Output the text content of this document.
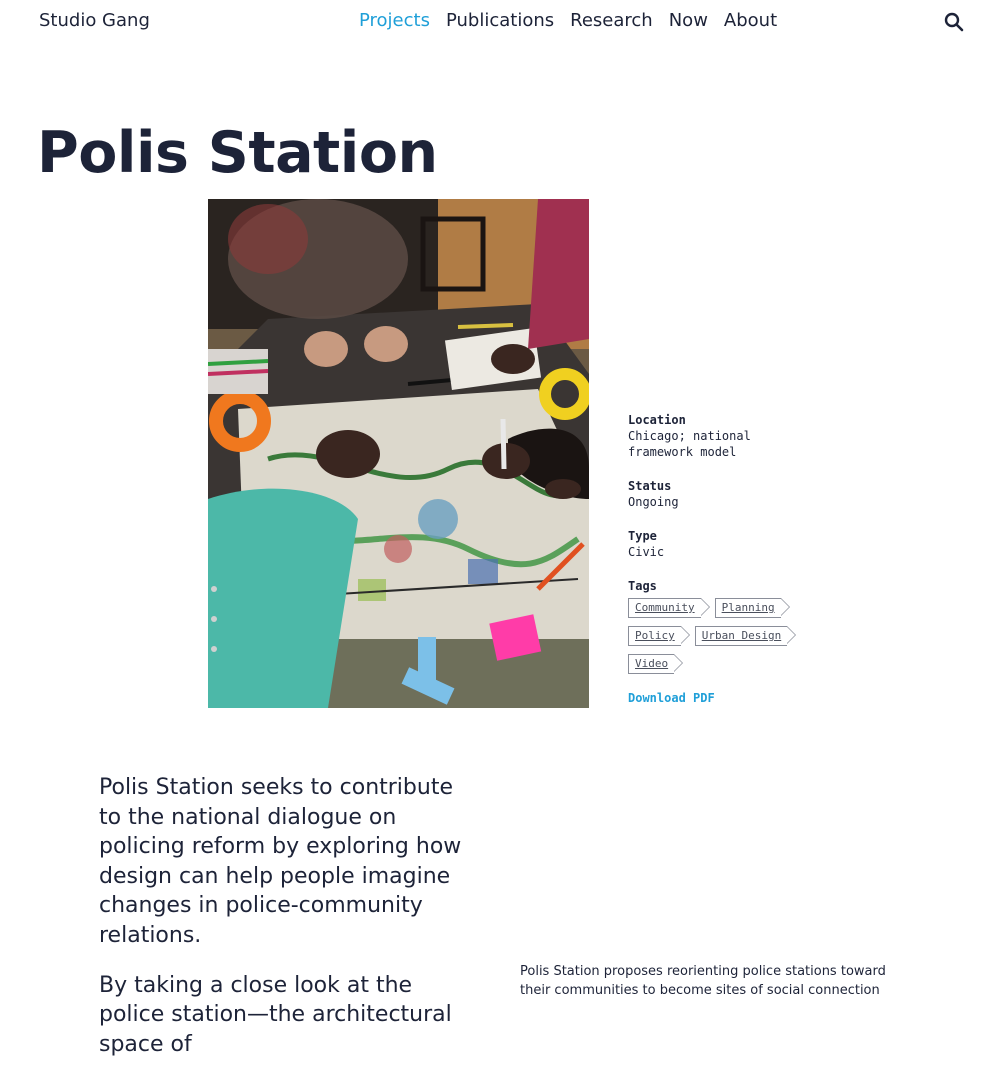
Studio Gang	Projects Publications Research Now About
Polis Station
Location
Chicago; national
framework model
Status
Ongoing
Type
Civic
Tags
Community	Planning
Policy	Urban Design
Video
Download PDF

Polis Station seeks to contribute to the national dialogue on policing reform by exploring how design can help people imagine changes in police-community relations.

By taking a close look at the police station—the architectural space of

Polis Station proposes reorienting police stations toward their communities to become sites of social connection
